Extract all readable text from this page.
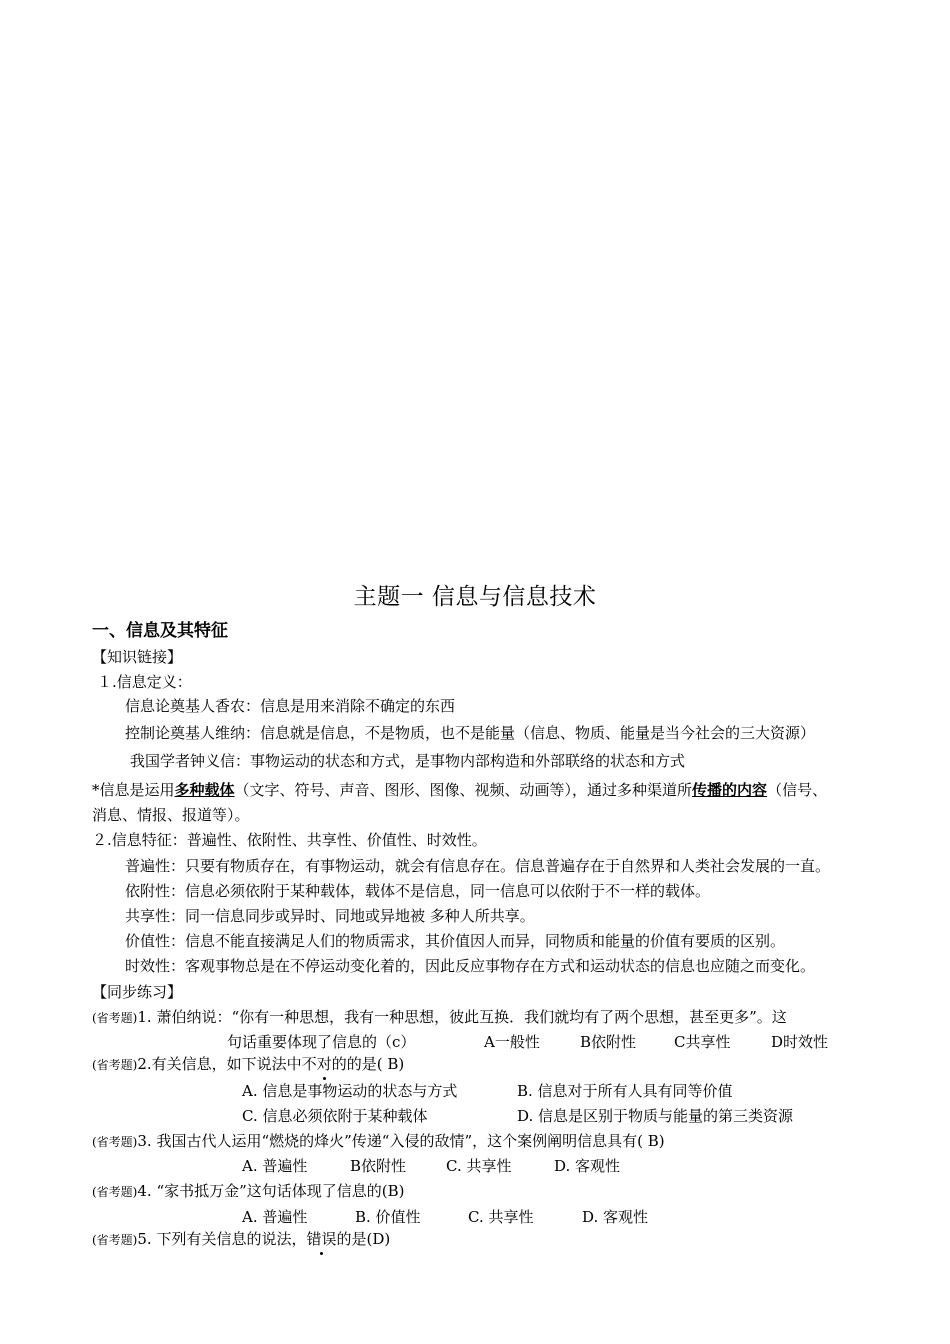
主题一 信息与信息技术
一、信息及其特征
【知识链接】
１.信息定义：
信息论奠基人香农：信息是用来消除不确定的东西
控制论奠基人维纳：信息就是信息，不是物质，也不是能量（信息、物质、能量是当今社会的三大资源）
我国学者钟义信：事物运动的状态和方式，是事物内部构造和外部联络的状态和方式
*信息是运用多种载体（文字、符号、声音、图形、图像、视频、动画等），通过多种渠道所传播的内容（信号、
消息、情报、报道等）。
２.信息特征：普遍性、依附性、共享性、价值性、时效性。
普遍性：只要有物质存在，有事物运动，就会有信息存在。信息普遍存在于自然界和人类社会发展的一直。
依附性：信息必须依附于某种载体，载体不是信息，同一信息可以依附于不一样的载体。
共享性：同一信息同步或异时、同地或异地被 多种人所共享。
价值性：信息不能直接满足人们的物质需求，其价值因人而异，同物质和能量的价值有要质的区别。
时效性：客观事物总是在不停运动变化着的，因此反应事物存在方式和运动状态的信息也应随之而变化。
【同步练习】
(省考题)1. 萧伯纳说：“你有一种思想，我有一种思想，彼此互换．我们就均有了两个思想，甚至更多”。这
句话重要体现了信息的（c）	A一般性	B依附性	C共享性	D时效性
(省考题)2.有关信息，如下说法中不对的的是( B)
A. 信息是事物运动的状态与方式	B. 信息对于所有人具有同等价值
C. 信息必须依附于某种载体	D. 信息是区别于物质与能量的第三类资源
(省考题)3. 我国古代人运用“燃烧的烽火”传递“入侵的敌情”，这个案例阐明信息具有( B)
A. 普遍性	B依附性	C. 共享性	D. 客观性
(省考题)4. “家书抵万金”这句话体现了信息的(B)
A. 普遍性	B. 价值性	C. 共享性	D. 客观性
(省考题)5. 下列有关信息的说法，错误的是(D)
